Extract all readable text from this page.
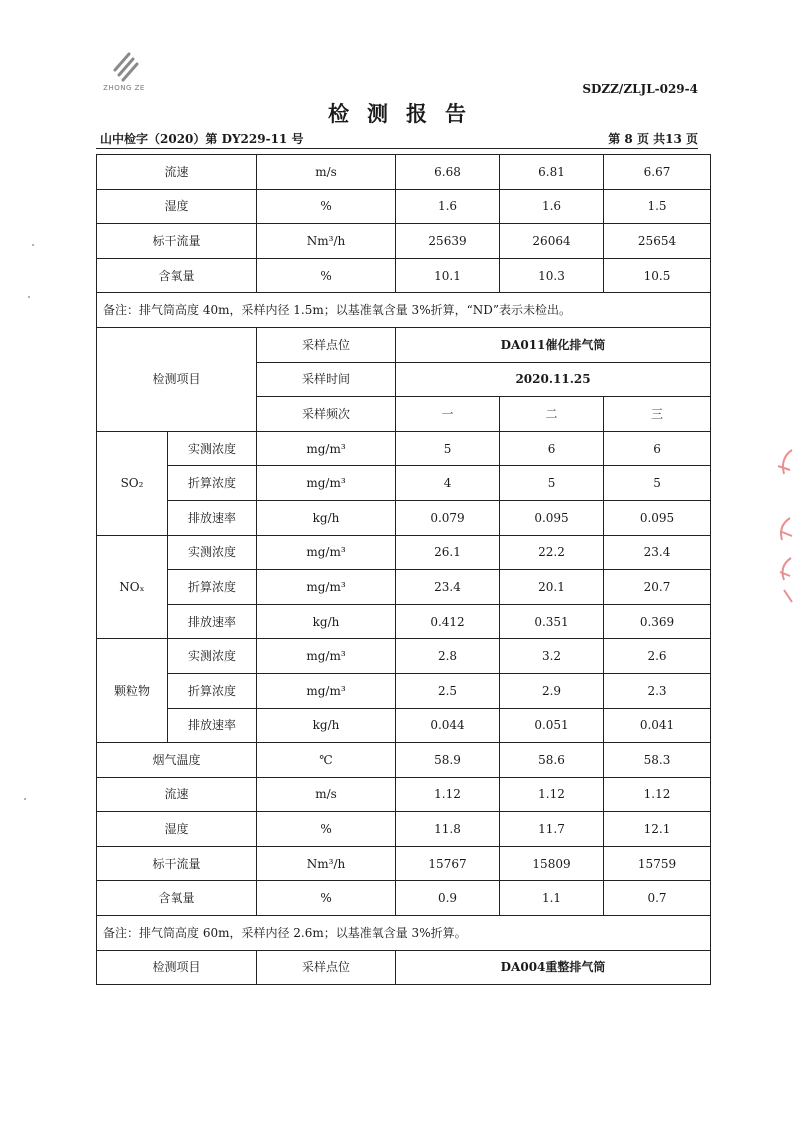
ZHONG ZE	SDZZ/ZLJL-029-4
检测报告
山中检字（2020）第 DY229-11 号	第 8 页 共13 页
流速		m/s	6.68	6.81	6.67
湿度		%	1.6	1.6	1.5
标干流量		Nm³/h	25639	26064	25654
含氧量		%	10.1	10.3	10.5
备注：排气筒高度 40m，采样内径 1.5m；以基准氧含量 3%折算，“ND”表示未检出。					
检测项目		采样点位	DA011催化排气筒		
		采样时间	2020.11.25		
		采样频次	一	二	三
SO₂	实测浓度	mg/m³	5	6	6
	折算浓度	mg/m³	4	5	5
	排放速率	kg/h	0.079	0.095	0.095
NOₓ	实测浓度	mg/m³	26.1	22.2	23.4
	折算浓度	mg/m³	23.4	20.1	20.7
	排放速率	kg/h	0.412	0.351	0.369
颗粒物	实测浓度	mg/m³	2.8	3.2	2.6
	折算浓度	mg/m³	2.5	2.9	2.3
	排放速率	kg/h	0.044	0.051	0.041
烟气温度		℃	58.9	58.6	58.3
流速		m/s	1.12	1.12	1.12
湿度		%	11.8	11.7	12.1
标干流量		Nm³/h	15767	15809	15759
含氧量		%	0.9	1.1	0.7
备注：排气筒高度 60m，采样内径 2.6m；以基准氧含量 3%折算。					
检测项目		采样点位	DA004重整排气筒		
